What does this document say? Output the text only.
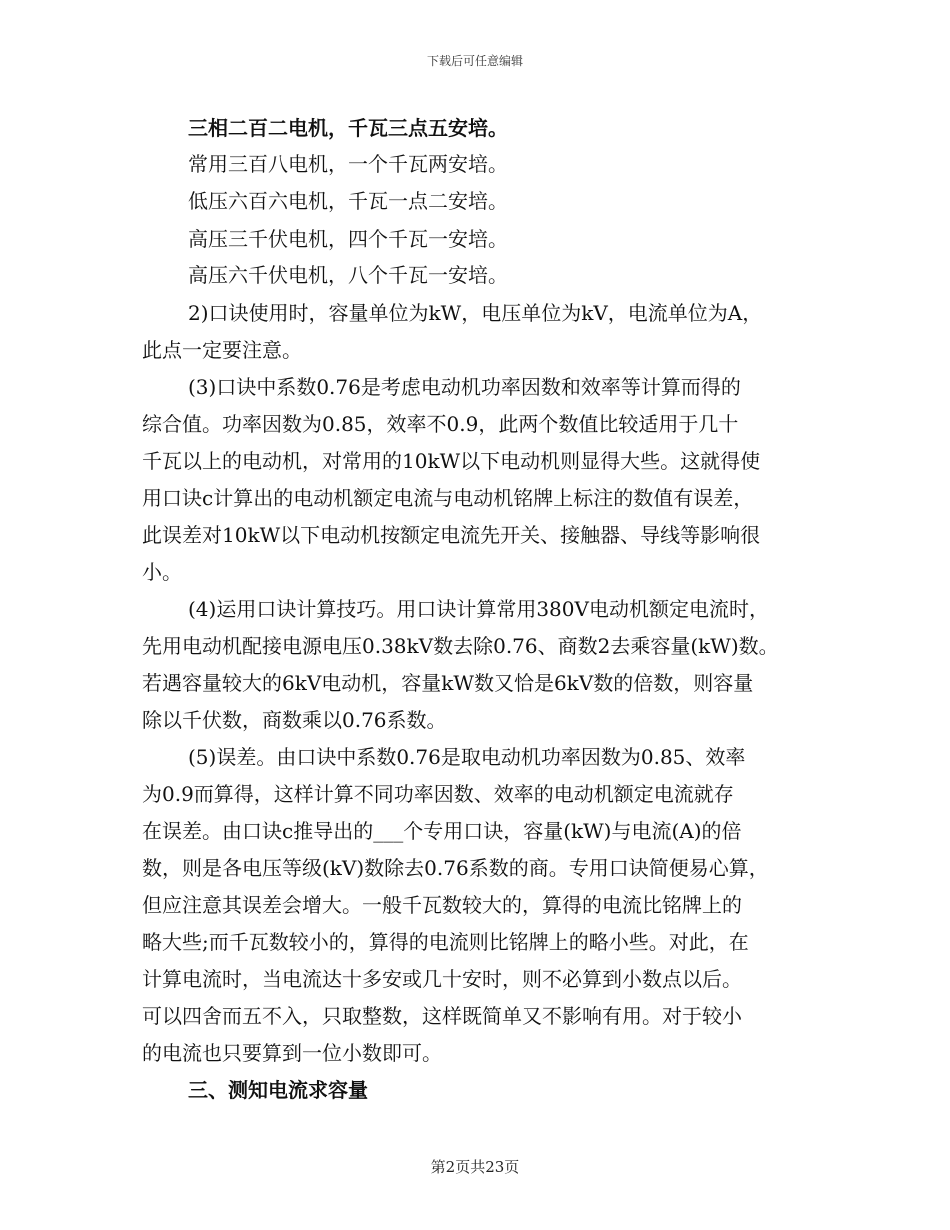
下载后可任意编辑
三相二百二电机，千瓦三点五安培。
常用三百八电机，一个千瓦两安培。
低压六百六电机，千瓦一点二安培。
高压三千伏电机，四个千瓦一安培。
高压六千伏电机，八个千瓦一安培。
2)口诀使用时，容量单位为kW，电压单位为kV，电流单位为A，
此点一定要注意。
(3)口诀中系数0.76是考虑电动机功率因数和效率等计算而得的
综合值。功率因数为0.85，效率不0.9，此两个数值比较适用于几十
千瓦以上的电动机，对常用的10kW以下电动机则显得大些。这就得使
用口诀c计算出的电动机额定电流与电动机铭牌上标注的数值有误差，
此误差对10kW以下电动机按额定电流先开关、接触器、导线等影响很
小。
(4)运用口诀计算技巧。用口诀计算常用380V电动机额定电流时，
先用电动机配接电源电压0.38kV数去除0.76、商数2去乘容量(kW)数。
若遇容量较大的6kV电动机，容量kW数又恰是6kV数的倍数，则容量
除以千伏数，商数乘以0.76系数。
(5)误差。由口诀中系数0.76是取电动机功率因数为0.85、效率
为0.9而算得，这样计算不同功率因数、效率的电动机额定电流就存
在误差。由口诀c推导出的___个专用口诀，容量(kW)与电流(A)的倍
数，则是各电压等级(kV)数除去0.76系数的商。专用口诀简便易心算，
但应注意其误差会增大。一般千瓦数较大的，算得的电流比铭牌上的
略大些;而千瓦数较小的，算得的电流则比铭牌上的略小些。对此，在
计算电流时，当电流达十多安或几十安时，则不必算到小数点以后。
可以四舍而五不入，只取整数，这样既简单又不影响有用。对于较小
的电流也只要算到一位小数即可。
三、测知电流求容量
第2页共23页
